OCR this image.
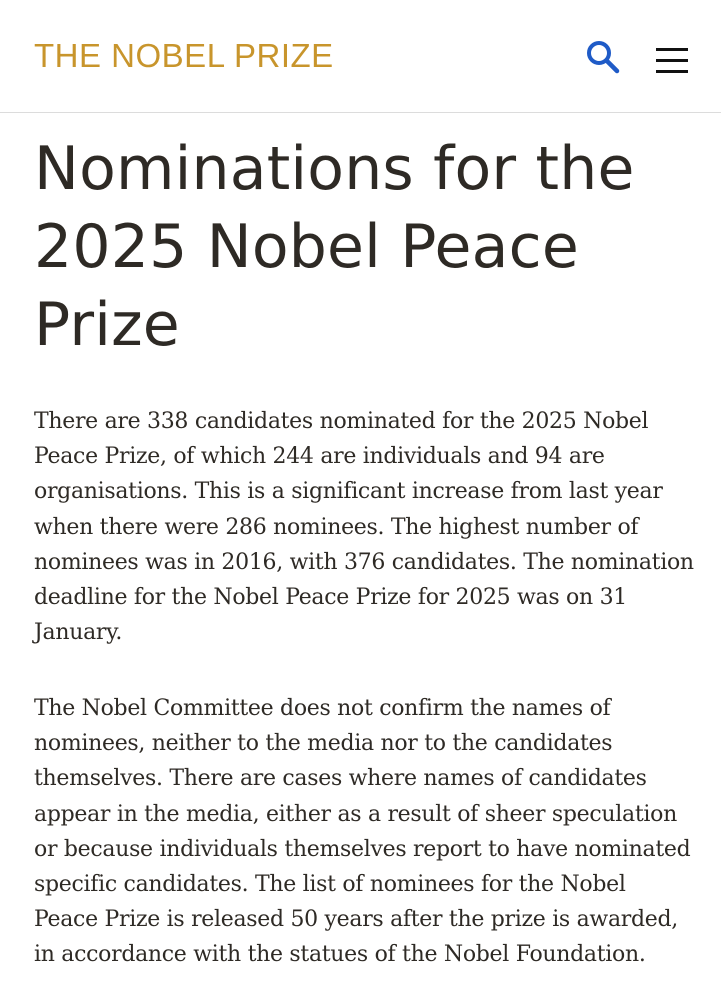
THE NOBEL PRIZE
Nominations for the 2025 Nobel Peace Prize

There are 338 candidates nominated for the 2025 Nobel Peace Prize, of which 244 are individuals and 94 are organisations. This is a significant increase from last year when there were 286 nominees. The highest number of nominees was in 2016, with 376 candidates. The nomination deadline for the Nobel Peace Prize for 2025 was on 31 January.

The Nobel Committee does not confirm the names of nominees, neither to the media nor to the candidates themselves. There are cases where names of candidates appear in the media, either as a result of sheer speculation or because individuals themselves report to have nominated specific candidates. The list of nominees for the Nobel Peace Prize is released 50 years after the prize is awarded, in accordance with the statues of the Nobel Foundation.
